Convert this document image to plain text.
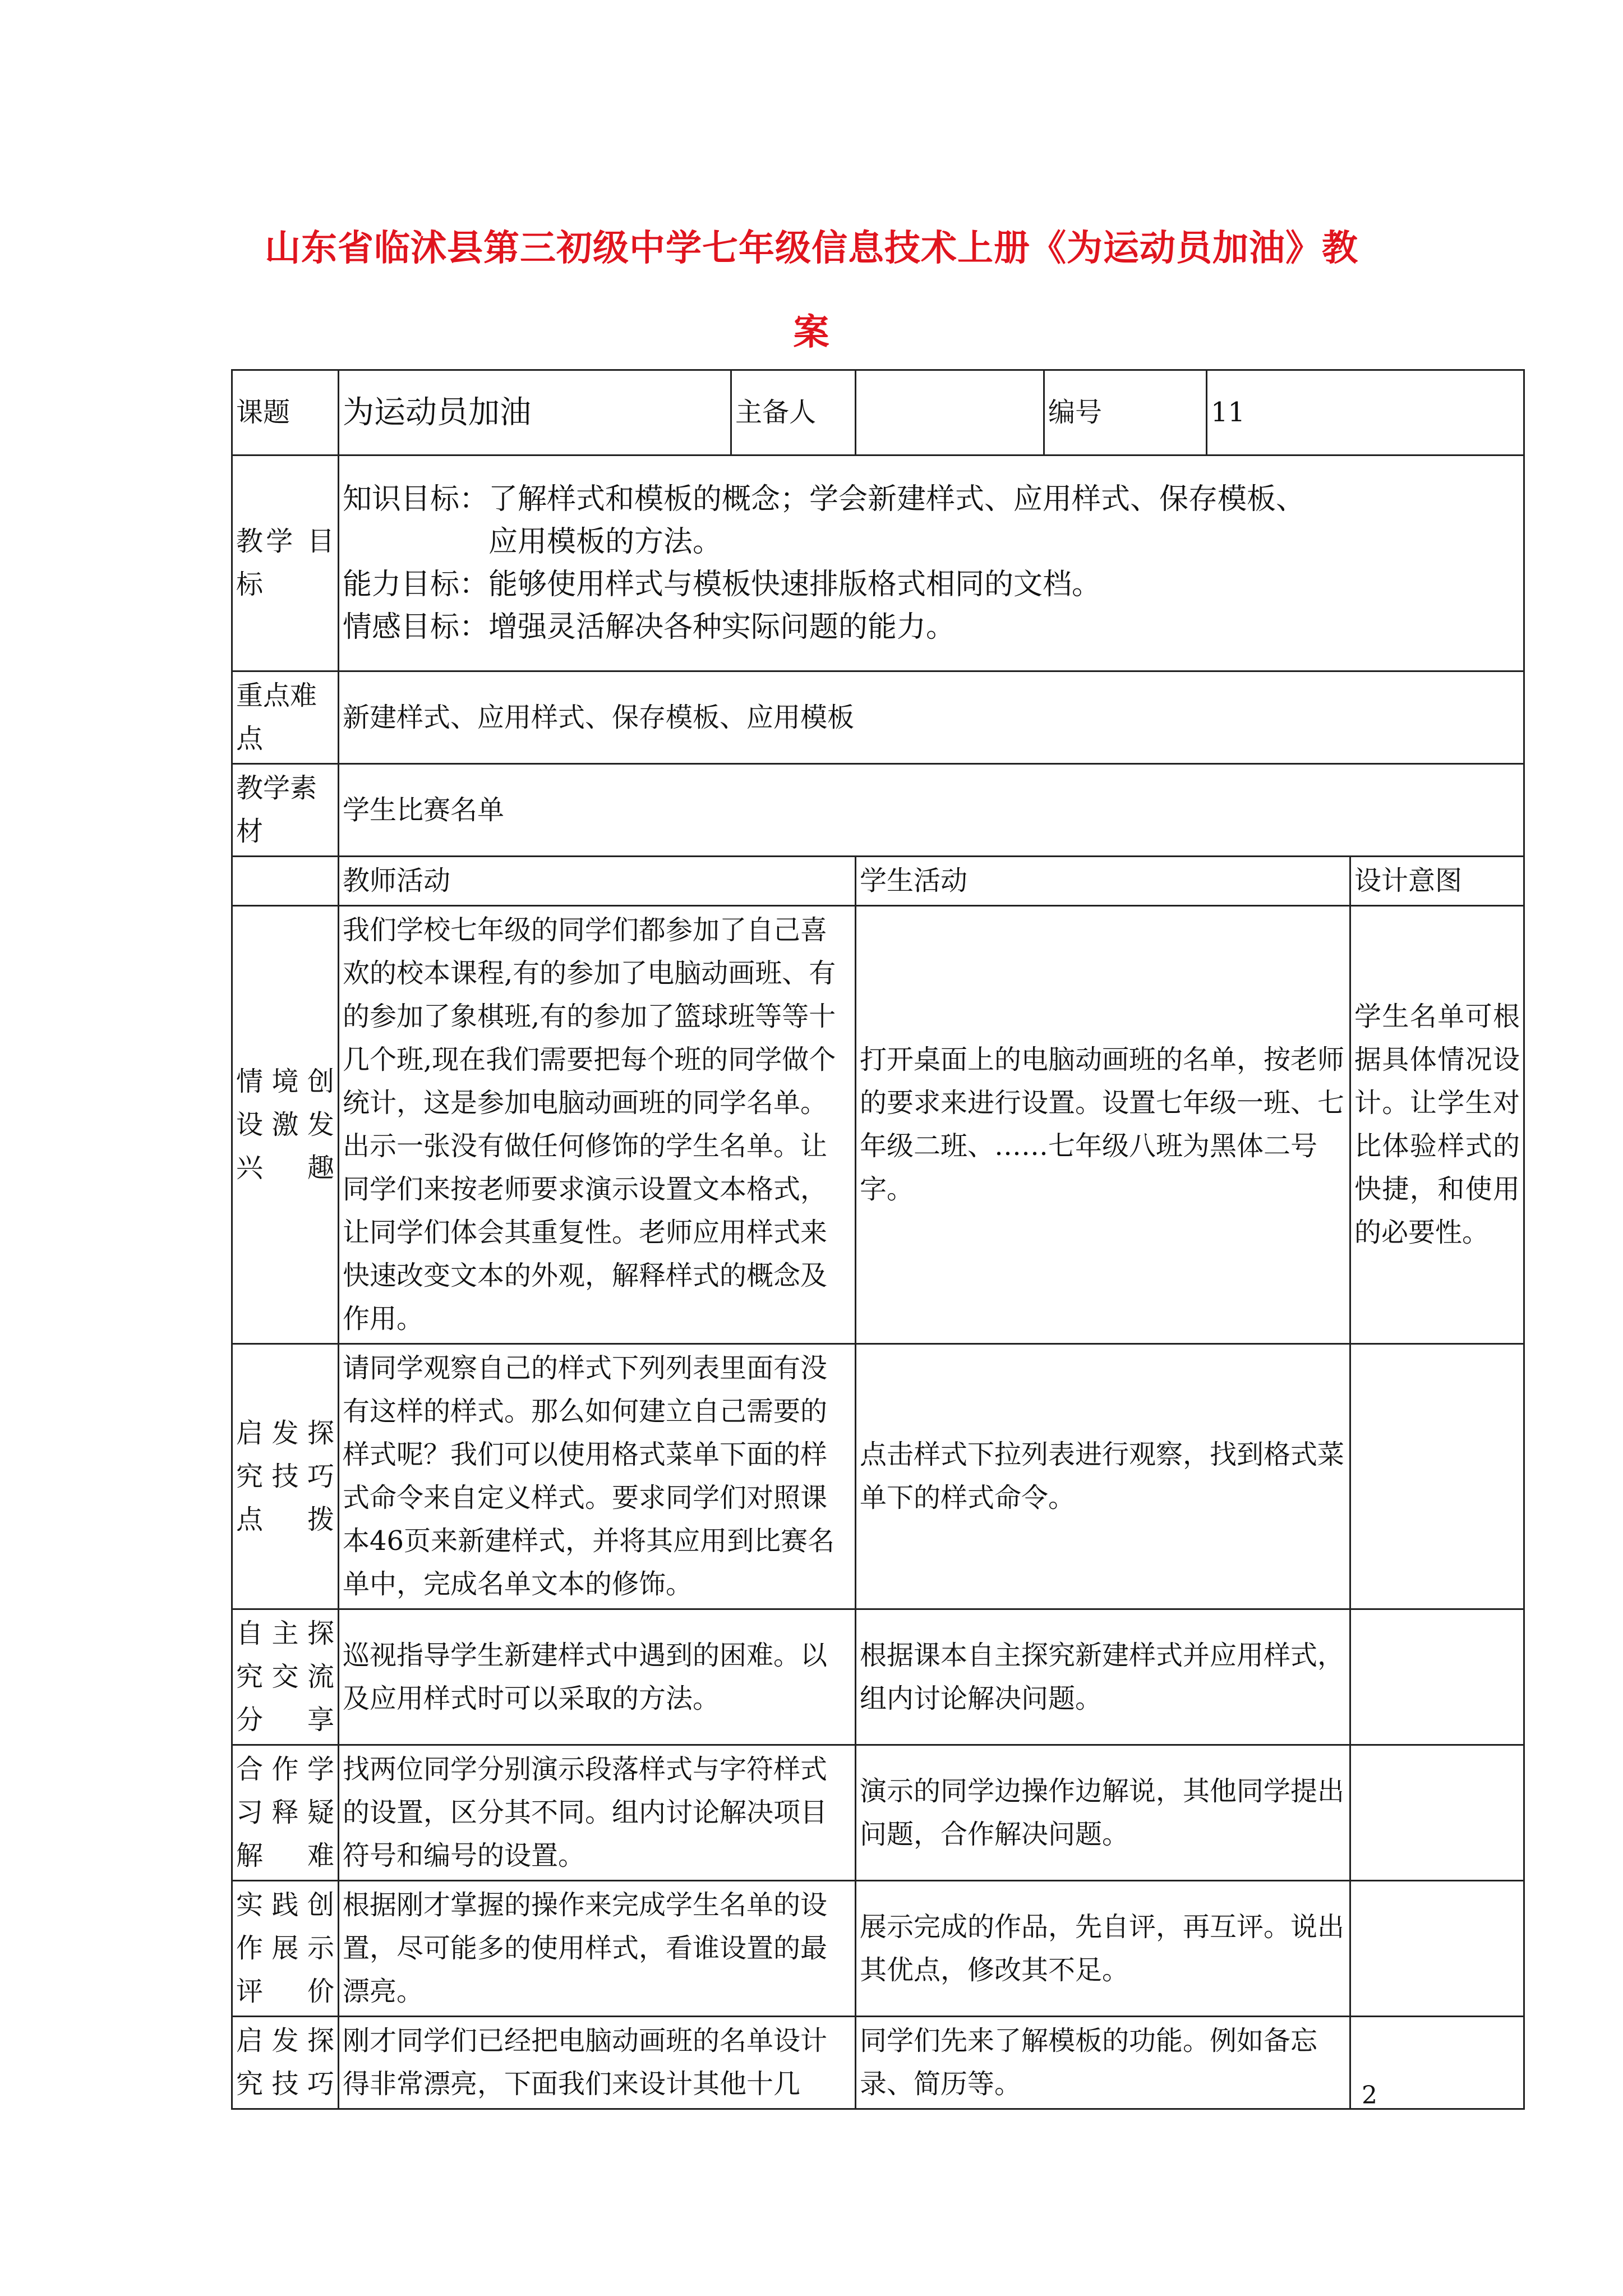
山东省临沭县第三初级中学七年级信息技术上册《为运动员加油》教
案
课题	为运动员加油	主备人		编号	11	
教学 目标	知识目标：了解样式和模板的概念；学会新建样式、应用样式、保存模板、
应用模板的方法。
能力目标：能够使用样式与模板快速排版格式相同的文档。
情感目标：增强灵活解决各种实际问题的能力。					

重点难点	新建样式、应用样式、保存模板、应用模板					
教学素材	学生比赛名单					
	教师活动		学生活动			设计意图
情境创设激发兴趣	我们学校七年级的同学们都参加了自己喜欢的校本课程,有的参加了电脑动画班、有的参加了象棋班,有的参加了篮球班等等十几个班,现在我们需要把每个班的同学做个统计，这是参加电脑动画班的同学名单。出示一张没有做任何修饰的学生名单。让同学们来按老师要求演示设置文本格式，让同学们体会其重复性。老师应用样式来快速改变文本的外观，解释样式的概念及作用。		打开桌面上的电脑动画班的名单，按老师的要求来进行设置。设置七年级一班、七年级二班、……七年级八班为黑体二号字。			学生名单可根据具体情况设计。让学生对比体验样式的快捷，和使用的必要性。
启发探究技巧点拨	请同学观察自己的样式下列列表里面有没有这样的样式。那么如何建立自己需要的样式呢？我们可以使用格式菜单下面的样式命令来自定义样式。要求同学们对照课本46页来新建样式，并将其应用到比赛名单中，完成名单文本的修饰。		点击样式下拉列表进行观察，找到格式菜单下的样式命令。			
自主探究交流分享	巡视指导学生新建样式中遇到的困难。以及应用样式时可以采取的方法。		根据课本自主探究新建样式并应用样式，组内讨论解决问题。			
合作学习释疑解难	找两位同学分别演示段落样式与字符样式的设置，区分其不同。组内讨论解决项目符号和编号的设置。		演示的同学边操作边解说，其他同学提出问题，合作解决问题。			
实践创作展示评价	根据刚才掌握的操作来完成学生名单的设置，尽可能多的使用样式，看谁设置的最漂亮。		展示完成的作品，先自评，再互评。说出其优点，修改其不足。			
启发探究技巧	刚才同学们已经把电脑动画班的名单设计得非常漂亮，下面我们来设计其他十几		同学们先来了解模板的功能。例如备忘录、简历等。				2
